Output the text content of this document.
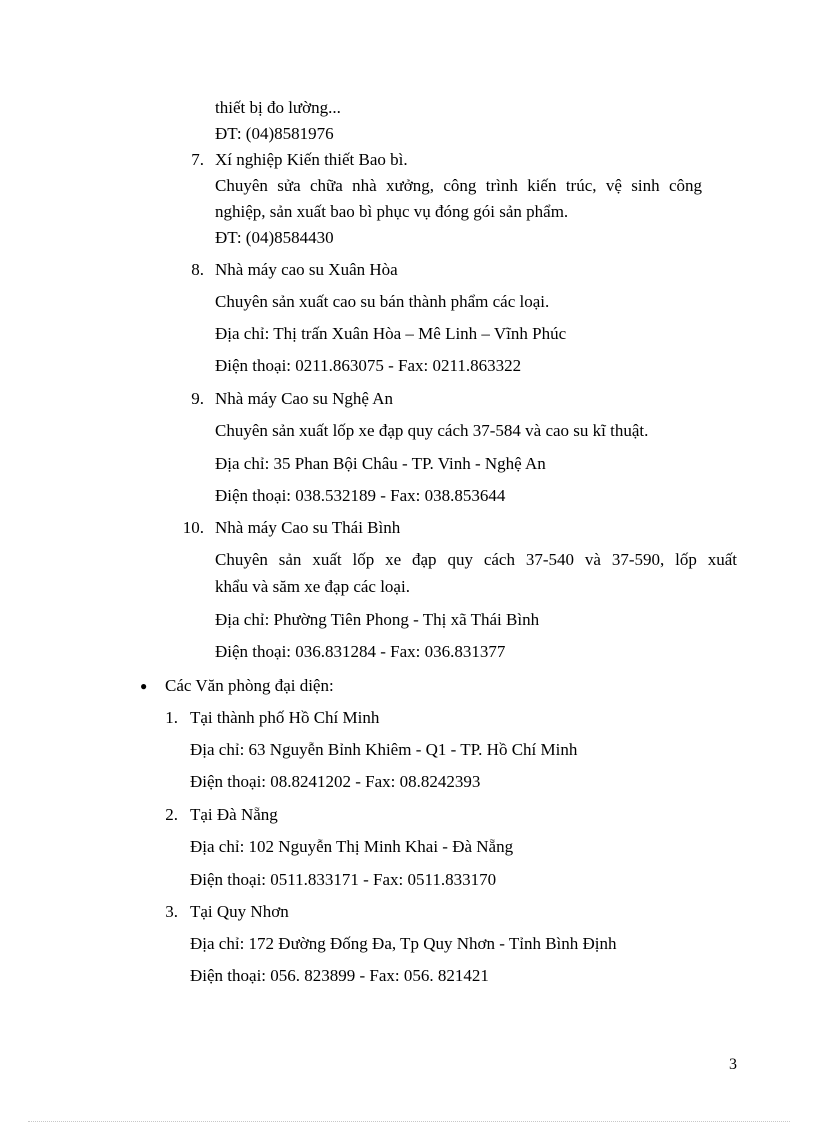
thiết bị đo lường...
ĐT: (04)8581976
7. Xí nghiệp Kiến thiết Bao bì.
Chuyên sửa chữa nhà xưởng, công trình kiến trúc, vệ sinh công
nghiệp, sản xuất bao bì phục vụ đóng gói sản phẩm.
ĐT: (04)8584430
8. Nhà máy cao su Xuân Hòa
Chuyên sản xuất cao su bán thành phẩm các loại.
Địa chỉ: Thị trấn Xuân Hòa – Mê Linh – Vĩnh Phúc
Điện thoại: 0211.863075 - Fax: 0211.863322
9. Nhà máy Cao su Nghệ An
Chuyên sản xuất lốp xe đạp quy cách 37-584 và cao su kĩ thuật.
Địa chỉ: 35 Phan Bội Châu - TP. Vinh - Nghệ An
Điện thoại: 038.532189 - Fax: 038.853644
10. Nhà máy Cao su Thái Bình
Chuyên sản xuất lốp xe đạp quy cách 37-540 và 37-590, lốp xuất
khẩu và săm xe đạp các loại.
Địa chỉ: Phường Tiên Phong - Thị xã Thái Bình
Điện thoại: 036.831284 - Fax: 036.831377
● Các Văn phòng đại diện:
1. Tại thành phố Hồ Chí Minh
Địa chỉ: 63 Nguyễn Bỉnh Khiêm - Q1 - TP. Hồ Chí Minh
Điện thoại: 08.8241202 - Fax: 08.8242393
2. Tại Đà Nẵng
Địa chỉ: 102 Nguyễn Thị Minh Khai - Đà Nẵng
Điện thoại: 0511.833171 - Fax: 0511.833170
3. Tại Quy Nhơn
Địa chỉ: 172 Đường Đống Đa, Tp Quy Nhơn - Tỉnh Bình Định
Điện thoại: 056. 823899 - Fax: 056. 821421
3
